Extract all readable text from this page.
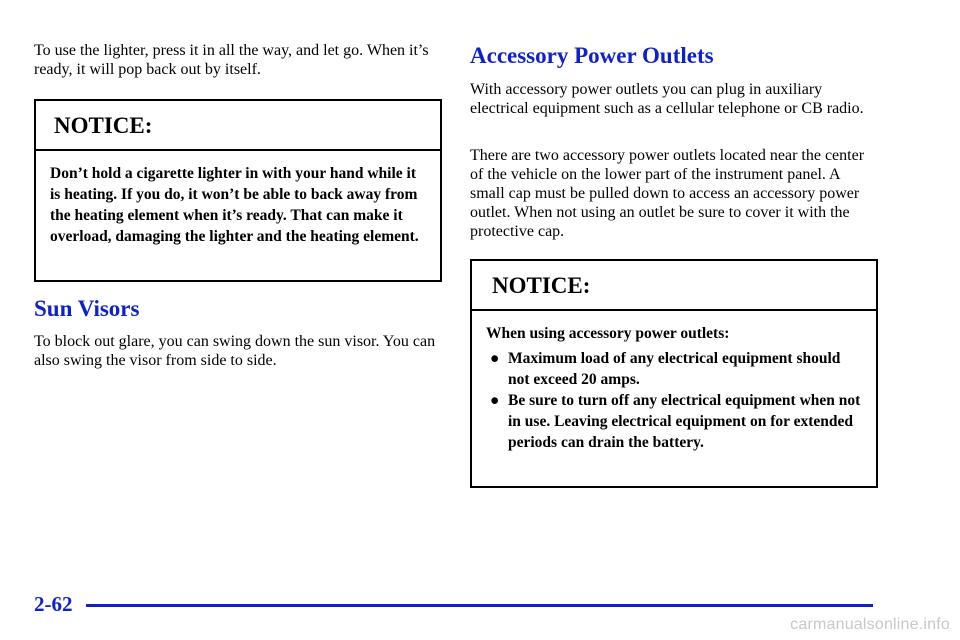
To use the lighter, press it in all the way, and let go. When it’s ready, it will pop back out by itself.

NOTICE:
Don’t hold a cigarette lighter in with your hand while it is heating. If you do, it won’t be able to back away from the heating element when it’s ready. That can make it overload, damaging the lighter and the heating element.
Sun Visors

To block out glare, you can swing down the sun visor. You can also swing the visor from side to side.

Accessory Power Outlets

With accessory power outlets you can plug in auxiliary electrical equipment such as a cellular telephone or CB radio.

There are two accessory power outlets located near the center of the vehicle on the lower part of the instrument panel. A small cap must be pulled down to access an accessory power outlet. When not using an outlet be sure to cover it with the protective cap.

NOTICE:
When using accessory power outlets:
● Maximum load of any electrical equipment should not exceed 20 amps.
● Be sure to turn off any electrical equipment when not in use. Leaving electrical equipment on for extended periods can drain the battery.
2-62
carmanualsonline.info
